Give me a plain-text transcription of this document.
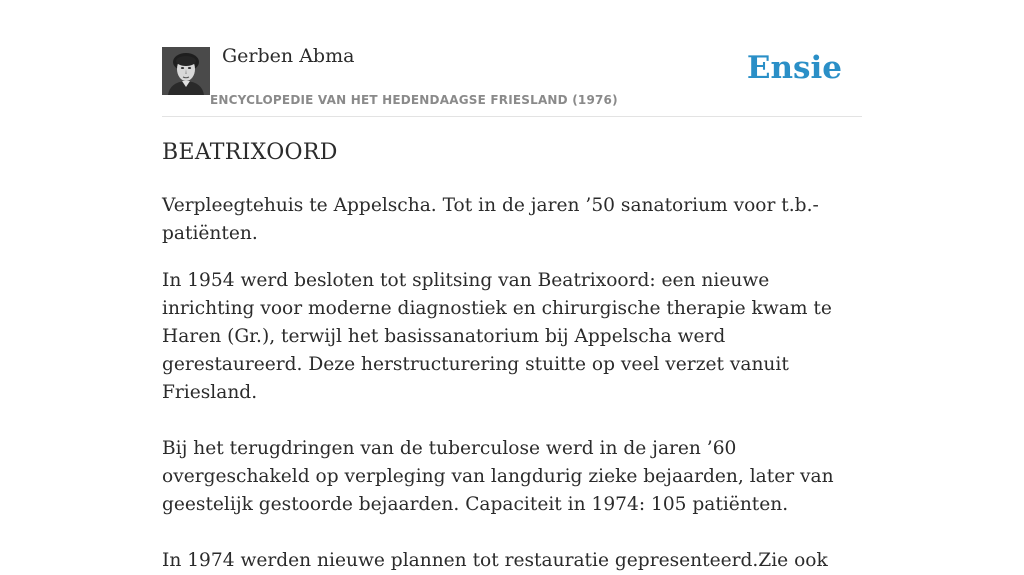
Gerben Abma
ENCYCLOPEDIE VAN HET HEDENDAAGSE FRIESLAND (1976)
Ensie
BEATRIXOORD

Verpleegtehuis te Appelscha. Tot in de jaren ’50 sanatorium voor t.b.-patiënten.

In 1954 werd besloten tot splitsing van Beatrixoord: een nieuwe inrichting voor moderne diagnostiek en chirurgische therapie kwam te Haren (Gr.), terwijl het basissanatorium bij Appelscha werd gerestaureerd. Deze herstructurering stuitte op veel verzet vanuit Friesland.

Bij het terugdringen van de tuberculose werd in de jaren ’60 overgeschakeld op verpleging van langdurig zieke bejaarden, later van geestelijk gestoorde bejaarden. Capaciteit in 1974: 105 patiënten.

In 1974 werden nieuwe plannen tot restauratie gepresenteerd.Zie ook
